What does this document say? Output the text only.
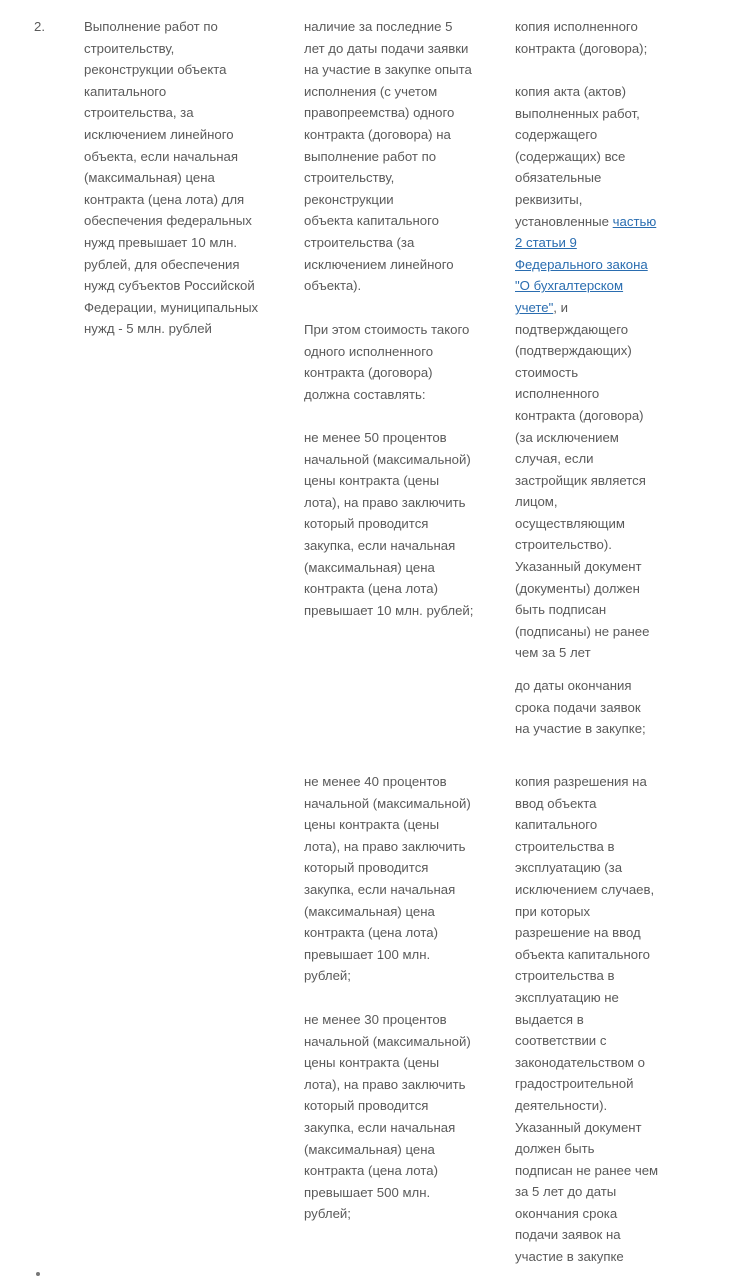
2.	Выполнение работ по
строительству,
реконструкции объекта
капитального
строительства, за
исключением линейного
объекта, если начальная
(максимальная) цена
контракта (цена лота) для
обеспечения федеральных
нужд превышает 10 млн.
рублей, для обеспечения
нужд субъектов Российской
Федерации, муниципальных
нужд - 5 млн. рублей

наличие за последние 5
лет до даты подачи заявки
на участие в закупке опыта
исполнения (с учетом
правопреемства) одного
контракта (договора) на
выполнение работ по
строительству,
реконструкции
объекта капитального
строительства (за
исключением линейного
объекта).

При этом стоимость такого
одного исполненного
контракта (договора)
должна составлять:

не менее 50 процентов
начальной (максимальной)
цены контракта (цены
лота), на право заключить
который проводится
закупка, если начальная
(максимальная) цена
контракта (цена лота)
превышает 10 млн. рублей;

не менее 40 процентов
начальной (максимальной)
цены контракта (цены
лота), на право заключить
который проводится
закупка, если начальная
(максимальная) цена
контракта (цена лота)
превышает 100 млн.
рублей;

не менее 30 процентов
начальной (максимальной)
цены контракта (цены
лота), на право заключить
который проводится
закупка, если начальная
(максимальная) цена
контракта (цена лота)
превышает 500 млн.
рублей;

копия исполненного
контракта (договора);

копия акта (актов)
выполненных работ,
содержащего
(содержащих) все
обязательные
реквизиты,
установленные частью
2 статьи 9
Федерального закона
"О бухгалтерском
учете", и
подтверждающего
(подтверждающих)
стоимость
исполненного
контракта (договора)
(за исключением
случая, если
застройщик является
лицом,
осуществляющим
строительство).
Указанный документ
(документы) должен
быть подписан
(подписаны) не ранее
чем за 5 лет

до даты окончания
срока подачи заявок
на участие в закупке;

копия разрешения на
ввод объекта
капитального
строительства в
эксплуатацию (за
исключением случаев,
при которых
разрешение на ввод
объекта капитального
строительства в
эксплуатацию не
выдается в
соответствии с
законодательством о
градостроительной
деятельности).
Указанный документ
должен быть
подписан не ранее чем
за 5 лет до даты
окончания срока
подачи заявок на
участие в закупке
